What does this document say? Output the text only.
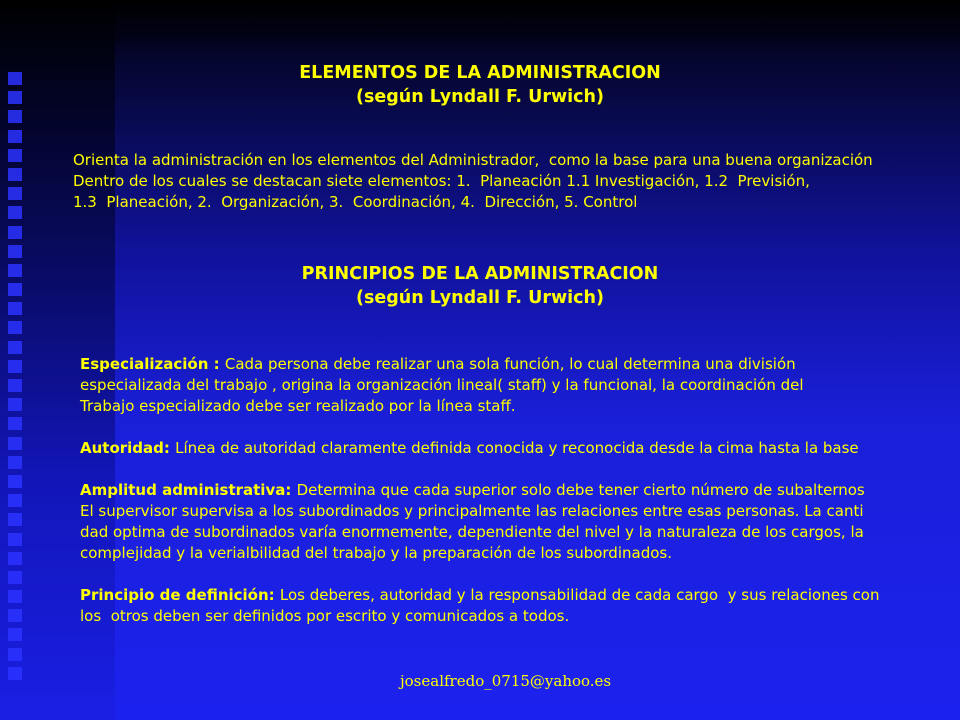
ELEMENTOS DE LA ADMINISTRACION
(según Lyndall F. Urwich)
Orienta la administración en los elementos del Administrador,  como la base para una buena organización
Dentro de los cuales se destacan siete elementos: 1.  Planeación 1.1 Investigación, 1.2  Previsión,
1.3  Planeación, 2.  Organización, 3.  Coordinación, 4.  Dirección, 5. Control
PRINCIPIOS DE LA ADMINISTRACION
(según Lyndall F. Urwich)
Especialización : Cada persona debe realizar una sola función, lo cual determina una división
especializada del trabajo , origina la organización lineal( staff) y la funcional, la coordinación del
Trabajo especializado debe ser realizado por la línea staff.
Autoridad: Línea de autoridad claramente definida conocida y reconocida desde la cima hasta la base
Amplitud administrativa: Determina que cada superior solo debe tener cierto número de subalternos
El supervisor supervisa a los subordinados y principalmente las relaciones entre esas personas. La canti
dad optima de subordinados varía enormemente, dependiente del nivel y la naturaleza de los cargos, la
complejidad y la verialbilidad del trabajo y la preparación de los subordinados.
Principio de definición: Los deberes, autoridad y la responsabilidad de cada cargo  y sus relaciones con
los  otros deben ser definidos por escrito y comunicados a todos.
josealfredo_0715@yahoo.es
